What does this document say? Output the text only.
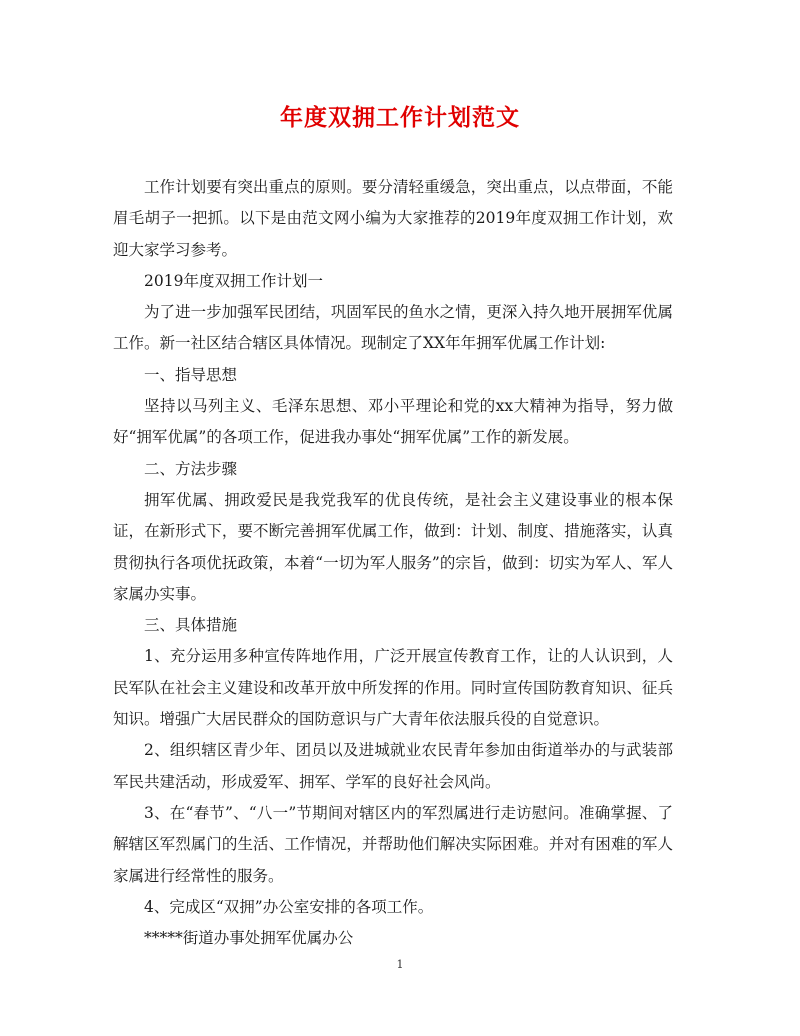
年度双拥工作计划范文

工作计划要有突出重点的原则。要分清轻重缓急，突出重点，以点带面，不能眉毛胡子一把抓。以下是由范文网小编为大家推荐的2019年度双拥工作计划，欢迎大家学习参考。

2019年度双拥工作计划一

为了进一步加强军民团结，巩固军民的鱼水之情，更深入持久地开展拥军优属工作。新一社区结合辖区具体情况。现制定了XX年年拥军优属工作计划:

一、指导思想

坚持以马列主义、毛泽东思想、邓小平理论和党的xx大精神为指导，努力做好“拥军优属”的各项工作，促进我办事处“拥军优属”工作的新发展。

二、方法步骤

拥军优属、拥政爱民是我党我军的优良传统，是社会主义建设事业的根本保证，在新形式下，要不断完善拥军优属工作，做到：计划、制度、措施落实，认真贯彻执行各项优抚政策，本着“一切为军人服务”的宗旨，做到：切实为军人、军人家属办实事。

三、具体措施

1、充分运用多种宣传阵地作用，广泛开展宣传教育工作，让的人认识到，人民军队在社会主义建设和改革开放中所发挥的作用。同时宣传国防教育知识、征兵知识。增强广大居民群众的国防意识与广大青年依法服兵役的自觉意识。

2、组织辖区青少年、团员以及进城就业农民青年参加由街道举办的与武装部军民共建活动，形成爱军、拥军、学军的良好社会风尚。

3、在“春节”、“八一”节期间对辖区内的军烈属进行走访慰问。准确掌握、了解辖区军烈属门的生活、工作情况，并帮助他们解决实际困难。并对有困难的军人家属进行经常性的服务。

4、完成区“双拥”办公室安排的各项工作。

*****街道办事处拥军优属办公

1
